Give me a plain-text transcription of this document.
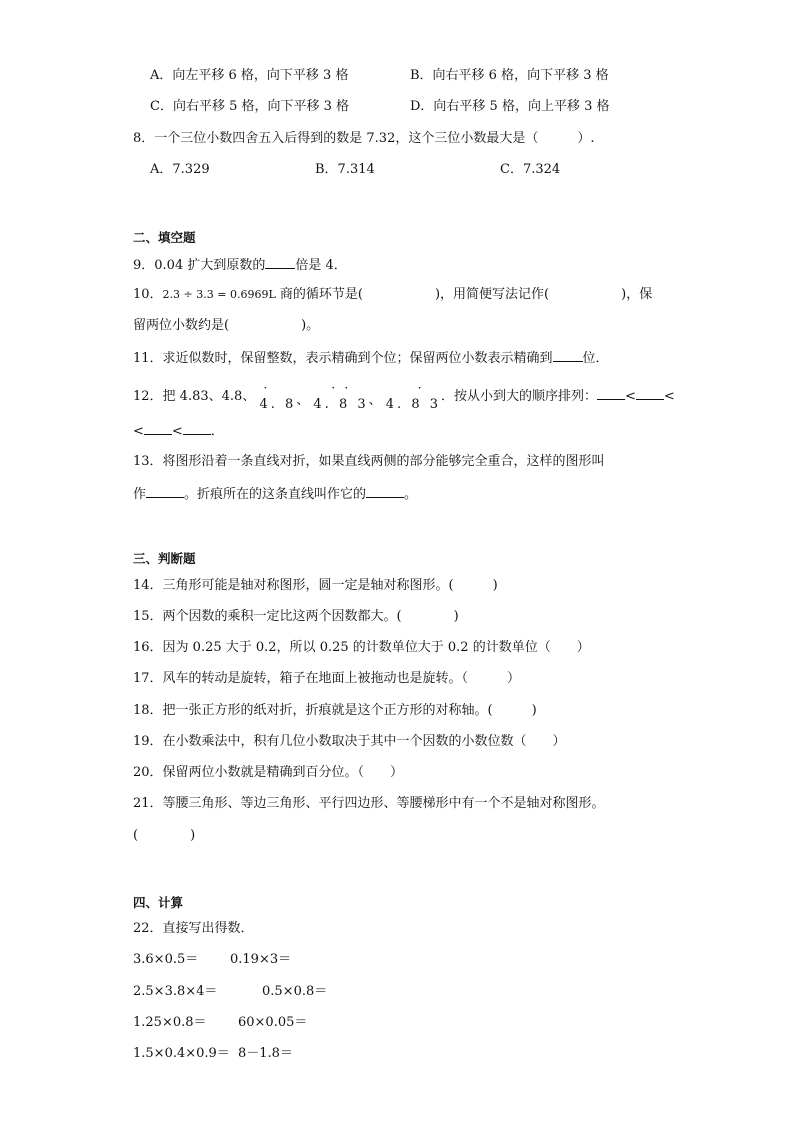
A．向左平移 6 格，向下平移 3 格	B．向右平移 6 格，向下平移 3 格
C．向右平移 5 格，向下平移 3 格	D．向右平移 5 格，向上平移 3 格
8．一个三位小数四舍五入后得到的数是 7.32，这个三位小数最大是（　　　）.
A．7.329	B．7.314	C．7.324
二、填空题
9．0.04 扩大到原数的 倍是 4．
10．2.3 ÷ 3.3 = 0.6969L 商的循环节是(	)，用简便写法记作(	)，保
留两位小数约是(	)。
11．求近似数时，保留整数，表示精确到个位；保留两位小数表示精确到 位．
12．把 4.83、4.8、
·
4. 8、
· ·
4. 8 3、
·
4. 8 3．按从小到大的顺序排列： < <
< < ．
13．将图形沿着一条直线对折，如果直线两侧的部分能够完全重合，这样的图形叫
作	。折痕所在的这条直线叫作它的	。
三、判断题
14．三角形可能是轴对称图形，圆一定是轴对称图形。(　　　)
15．两个因数的乘积一定比这两个因数都大。(　　　　)
16．因为 0.25 大于 0.2，所以 0.25 的计数单位大于 0.2 的计数单位（　　）
17．风车的转动是旋转，箱子在地面上被拖动也是旋转。（　　　）
18．把一张正方形的纸对折，折痕就是这个正方形的对称轴。(　　　)
19．在小数乘法中，积有几位小数取决于其中一个因数的小数位数（　　）
20．保留两位小数就是精确到百分位。（　　）
21．等腰三角形、等边三角形、平行四边形、等腰梯形中有一个不是轴对称图形。
(　　　　)
四、计算
22．直接写出得数．
3.6×0.5＝ 0.19×3＝
2.5×3.8×4＝	0.5×0.8＝
1.25×0.8＝ 60×0.05＝
1.5×0.4×0.9＝ 8－1.8＝
